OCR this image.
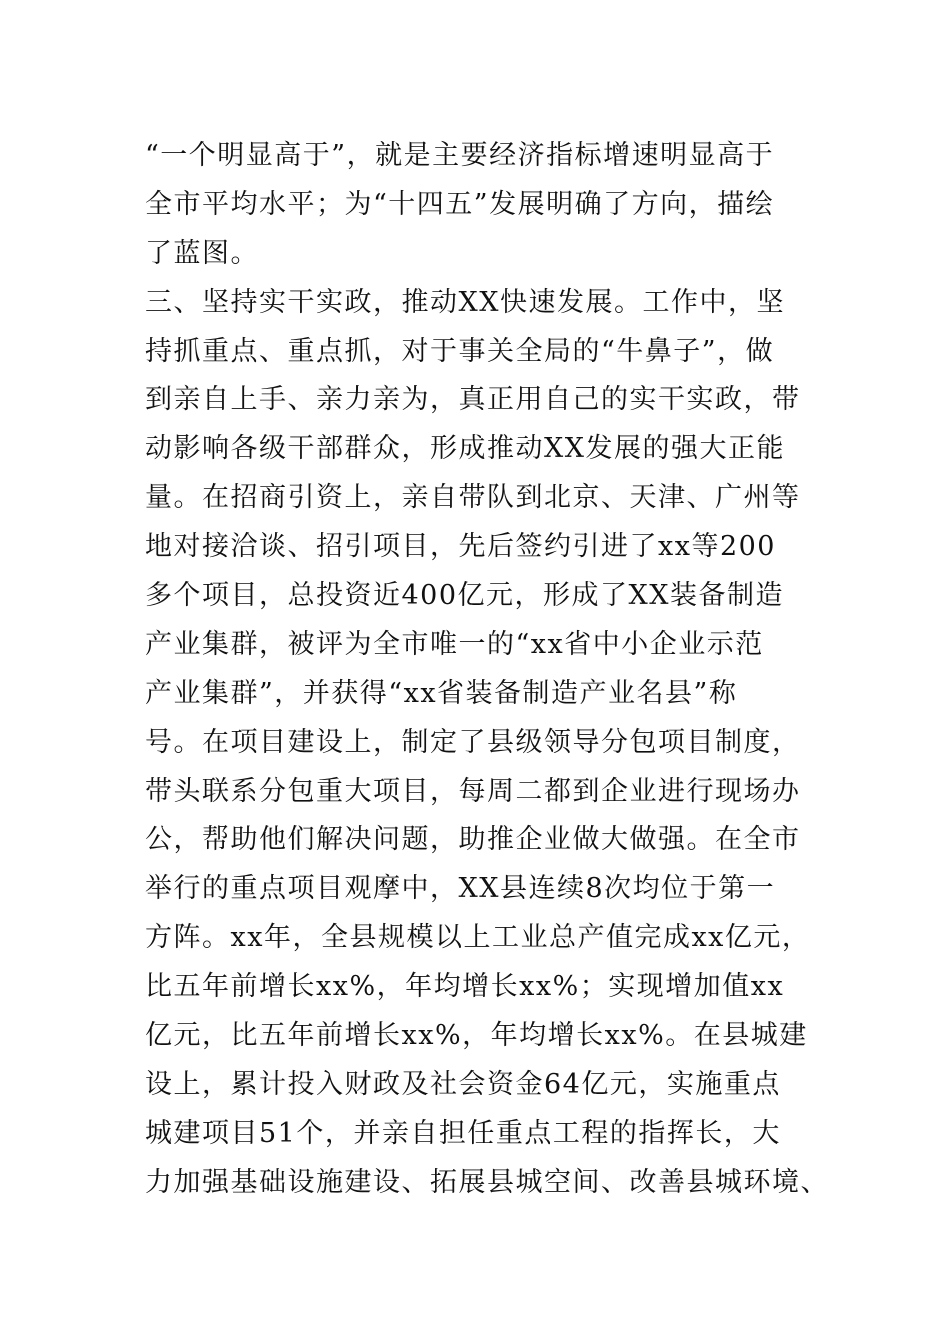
“一个明显高于”，就是主要经济指标增速明显高于
全市平均水平；为“十四五”发展明确了方向，描绘
了蓝图。
三、坚持实干实政，推动XX快速发展。工作中，坚
持抓重点、重点抓，对于事关全局的“牛鼻子”，做
到亲自上手、亲力亲为，真正用自己的实干实政，带
动影响各级干部群众，形成推动XX发展的强大正能
量。在招商引资上，亲自带队到北京、天津、广州等
地对接洽谈、招引项目，先后签约引进了xx等200
多个项目，总投资近400亿元，形成了XX装备制造
产业集群，被评为全市唯一的“xx省中小企业示范
产业集群”，并获得“xx省装备制造产业名县”称
号。在项目建设上，制定了县级领导分包项目制度，
带头联系分包重大项目，每周二都到企业进行现场办
公，帮助他们解决问题，助推企业做大做强。在全市
举行的重点项目观摩中，XX县连续8次均位于第一
方阵。xx年，全县规模以上工业总产值完成xx亿元，
比五年前增长xx%，年均增长xx%；实现增加值xx
亿元，比五年前增长xx%，年均增长xx%。在县城建
设上，累计投入财政及社会资金64亿元，实施重点
城建项目51个，并亲自担任重点工程的指挥长，大
力加强基础设施建设、拓展县城空间、改善县城环境、
